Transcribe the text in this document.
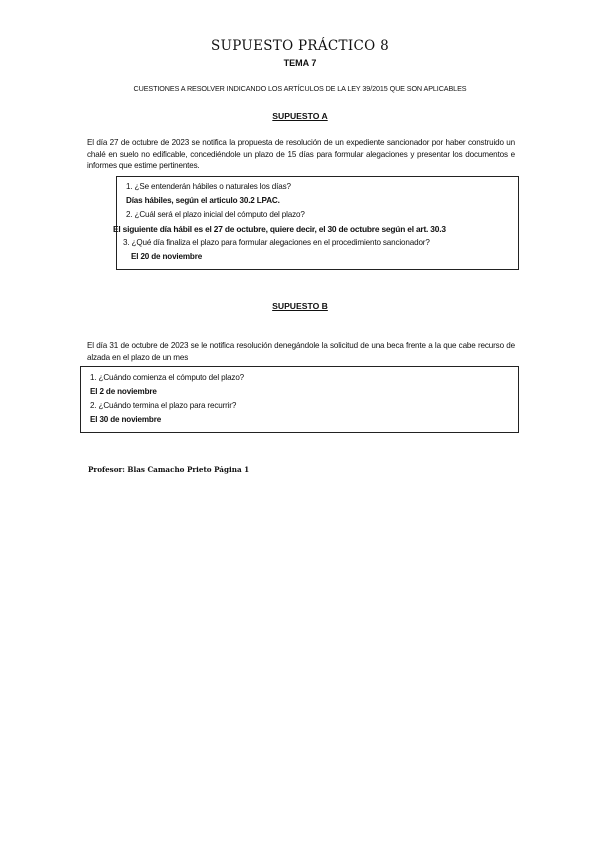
SUPUESTO PRÁCTICO 8
TEMA 7
CUESTIONES A RESOLVER INDICANDO LOS ARTÍCULOS DE LA LEY 39/2015 QUE SON APLICABLES
SUPUESTO A
El día 27 de octubre de 2023 se notifica la propuesta de resolución de un expediente sancionador por haber construido un chalé en suelo no edificable, concediéndole un plazo de 15 días para formular alegaciones y presentar los documentos e informes que estime pertinentes.
1. ¿Se entenderán hábiles o naturales los días?
Días hábiles, según el articulo 30.2 LPAC.
2. ¿Cuál será el plazo inicial del cómputo del plazo?
El siguiente día hábil es el 27 de octubre, quiere decir, el 30 de octubre según el art. 30.3
3. ¿Qué día finaliza el plazo para formular alegaciones en el procedimiento sancionador?
El 20 de noviembre
SUPUESTO B
El día 31 de octubre de 2023 se le notifica resolución denegándole la solicitud de una beca frente a la que cabe recurso de alzada en el plazo de un mes
1. ¿Cuándo comienza el cómputo del plazo?
El 2 de noviembre
2. ¿Cuándo termina el plazo para recurrir?
El 30 de noviembre
Profesor: Blas Camacho Prieto Página 1
